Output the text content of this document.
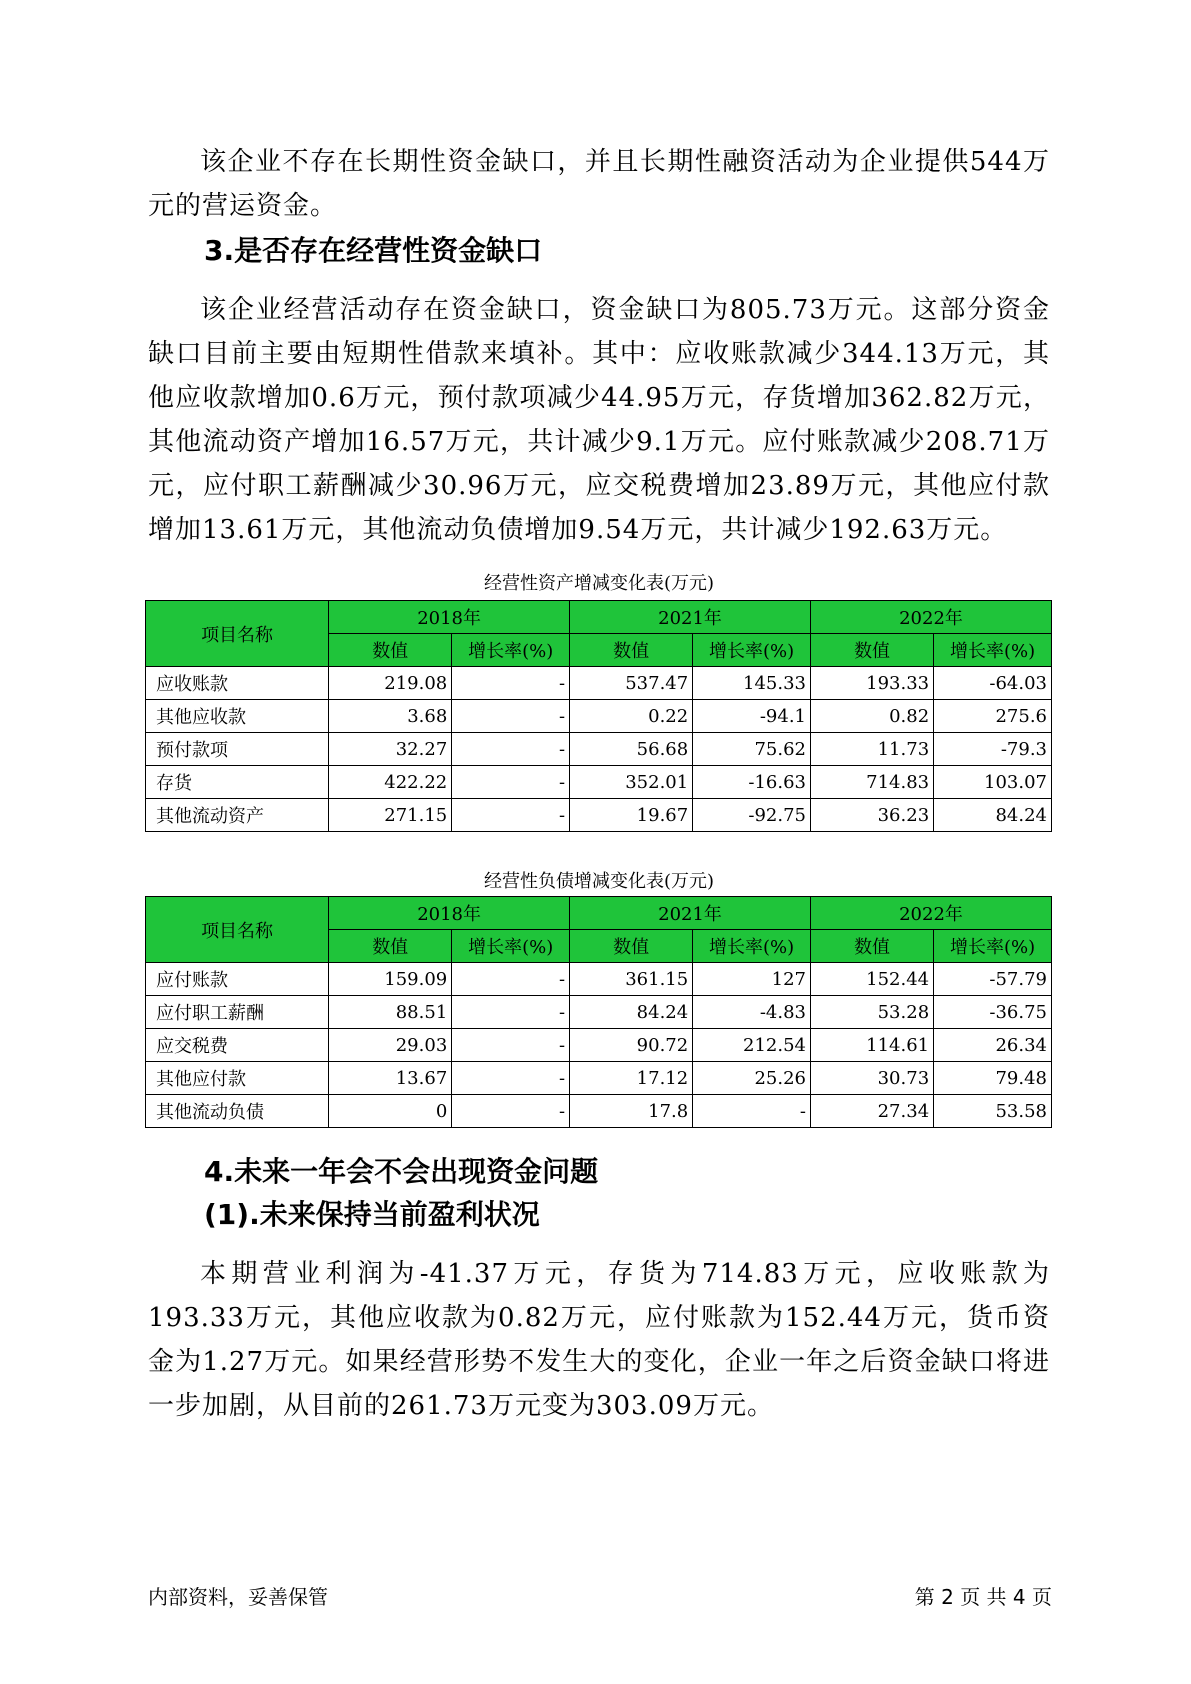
该企业不存在长期性资金缺口，并且长期性融资活动为企业提供544万元的营运资金。

3.是否存在经营性资金缺口

该企业经营活动存在资金缺口，资金缺口为805.73万元。这部分资金缺口目前主要由短期性借款来填补。其中：应收账款减少344.13万元，其他应收款增加0.6万元，预付款项减少44.95万元，存货增加362.82万元，其他流动资产增加16.57万元，共计减少9.1万元。应付账款减少208.71万元，应付职工薪酬减少30.96万元，应交税费增加23.89万元，其他应付款增加13.61万元，其他流动负债增加9.54万元，共计减少192.63万元。

经营性资产增减变化表(万元)

项目名称	2018年		2021年		2022年	
	数值	增长率(%)	数值	增长率(%)	数值	增长率(%)
应收账款	219.08	-	537.47	145.33	193.33	-64.03
其他应收款	3.68	-	0.22	-94.1	0.82	275.6
预付款项	32.27	-	56.68	75.62	11.73	-79.3
存货	422.22	-	352.01	-16.63	714.83	103.07
其他流动资产	271.15	-	19.67	-92.75	36.23	84.24

经营性负债增减变化表(万元)

项目名称	2018年		2021年		2022年	
	数值	增长率(%)	数值	增长率(%)	数值	增长率(%)
应付账款	159.09	-	361.15	127	152.44	-57.79
应付职工薪酬	88.51	-	84.24	-4.83	53.28	-36.75
应交税费	29.03	-	90.72	212.54	114.61	26.34
其他应付款	13.67	-	17.12	25.26	30.73	79.48
其他流动负债	0	-	17.8	-	27.34	53.58
4.未来一年会不会出现资金问题
(1).未来保持当前盈利状况

本期营业利润为-41.37万元，存货为714.83万元，应收账款为193.33万元，其他应收款为0.82万元，应付账款为152.44万元，货币资金为1.27万元。如果经营形势不发生大的变化，企业一年之后资金缺口将进一步加剧，从目前的261.73万元变为303.09万元。

内部资料，妥善保管	第 2 页 共 4 页
